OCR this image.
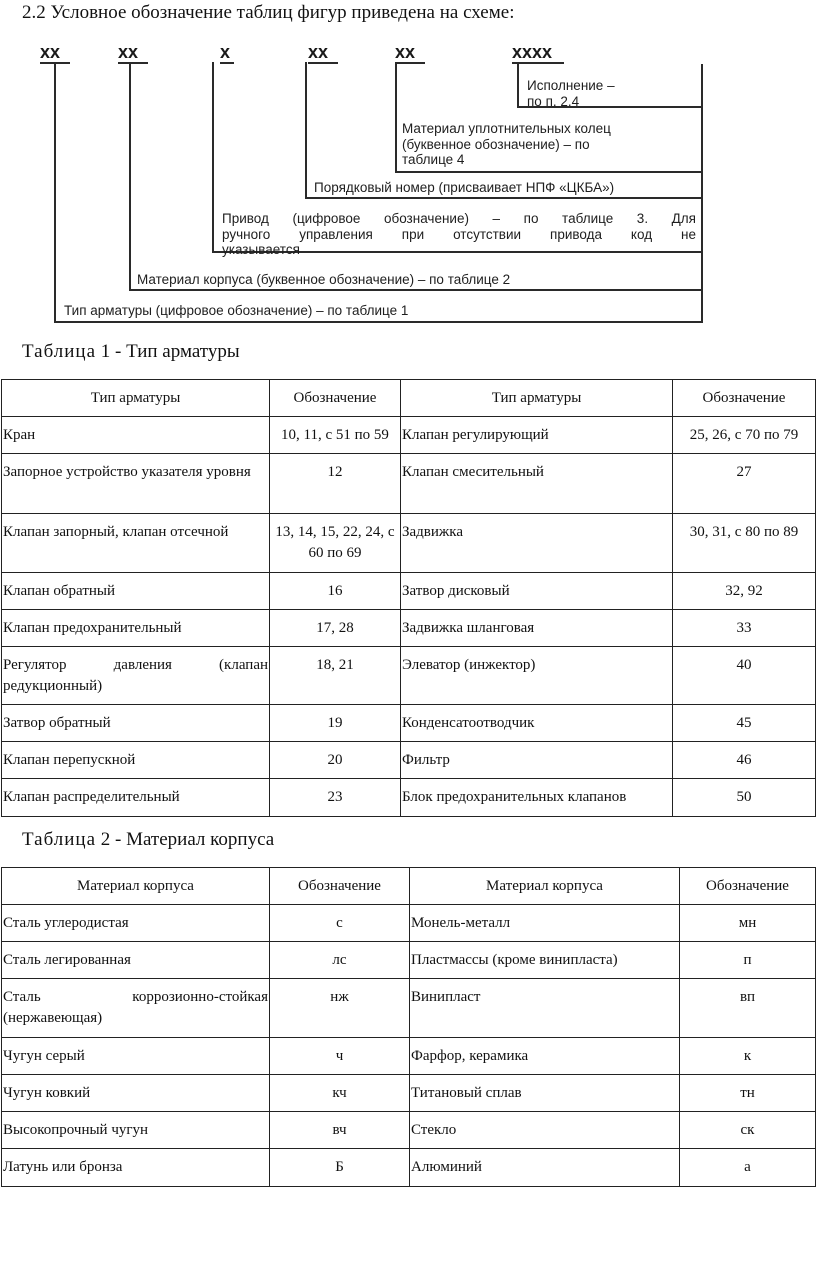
2.2 Условное обозначение таблиц фигур приведена на схеме:
хх	хх	х	хх	хх	хххх
Исполнение –
по п. 2.4
Материал уплотнительных колец
(буквенное обозначение) – по
таблице 4
Порядковый номер (присваивает НПФ «ЦКБА»)
Привод (цифровое обозначение) – по таблице 3. Для
ручного управления при отсутствии привода код не
указывается
Материал корпуса (буквенное обозначение) – по таблице 2
Тип арматуры (цифровое обозначение) – по таблице 1
Таблица 1 - Тип арматуры
Тип арматуры	Обозначение	Тип арматуры	Обозначение
Кран	10, 11, с 51 по 59	Клапан регулирующий	25, 26, с 70 по 79
Запорное устройство указателя уровня	12	Клапан смесительный	27
Клапан запорный, клапан отсечной	13, 14, 15, 22, 24, с 60 по 69	Задвижка	30, 31, с 80 по 89
Клапан обратный	16	Затвор дисковый	32, 92
Клапан предохранительный	17, 28	Задвижка шланговая	33
Регулятор давления (клапан редукционный)	18, 21	Элеватор (инжектор)	40
Затвор обратный	19	Конденсатоотводчик	45
Клапан перепускной	20	Фильтр	46
Клапан распределительный	23	Блок предохранительных клапанов	50
Таблица 2 - Материал корпуса
Материал корпуса	Обозначение	Материал корпуса	Обозначение
Сталь углеродистая	с	Монель-металл	мн
Сталь легированная	лс	Пластмассы (кроме винипласта)	п
Сталь коррозионно-стойкая (нержавеющая)	нж	Винипласт	вп
Чугун серый	ч	Фарфор, керамика	к
Чугун ковкий	кч	Титановый сплав	тн
Высокопрочный чугун	вч	Стекло	ск
Латунь или бронза	Б	Алюминий	а
